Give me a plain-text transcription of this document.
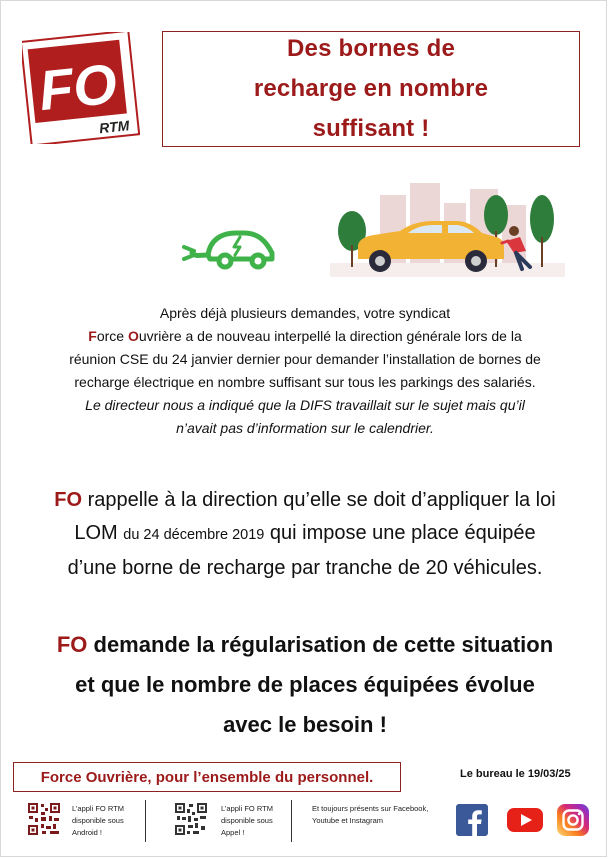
FO
RTM
Des bornes de
recharge en nombre
suffisant !

Après déjà plusieurs demandes, votre syndicat

Force Ouvrière a de nouveau interpellé la direction générale lors de la

réunion CSE du 24 janvier dernier pour demander l’installation de bornes de

recharge électrique en nombre suffisant sur tous les parkings des salariés.

Le directeur nous a indiqué que la DIFS travaillait sur le sujet mais qu’il

n’avait pas d’information sur le calendrier.

FO rappelle à la direction qu’elle se doit d’appliquer la loi

LOM du 24 décembre 2019 qui impose une place équipée

d’une borne de recharge par tranche de 20 véhicules.

FO demande la régularisation de cette situation

et que le nombre de places équipées évolue

avec le besoin !

Force Ouvrière, pour l’ensemble du personnel.	Le bureau le 19/03/25
L’appli FO RTM
disponible sous
Android !
L’appli FO RTM
disponible sous
Appel !
Et toujours présents sur Facebook,
Youtube et Instagram
